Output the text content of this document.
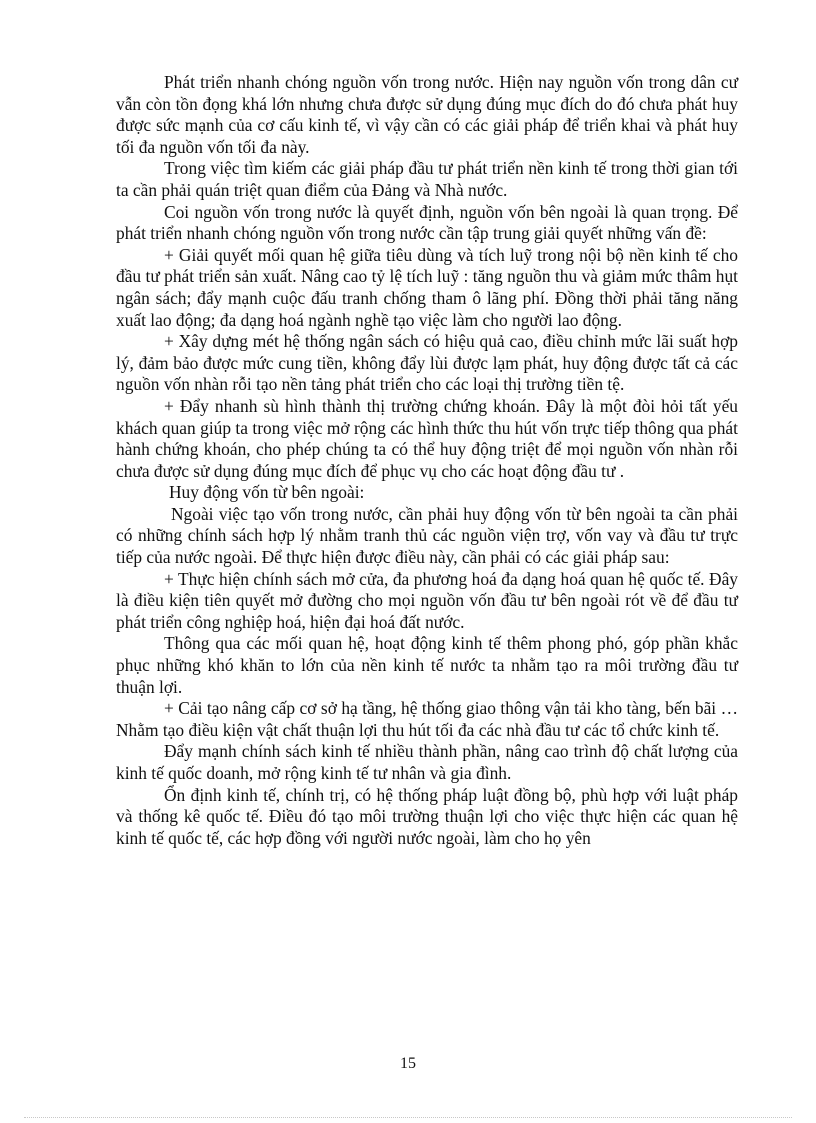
Phát triển nhanh chóng nguồn vốn trong nước. Hiện nay nguồn vốn trong dân cư vẫn còn tồn đọng khá lớn nhưng chưa được sử dụng đúng mục đích do đó chưa phát huy được sức mạnh của cơ cấu kinh tế, vì vậy cần có các giải pháp để triển khai và phát huy tối đa nguồn vốn tối đa này.

Trong việc tìm kiếm các giải pháp đầu tư phát triển nền kinh tế trong thời gian tới ta cần phải quán triệt quan điểm của Đảng và Nhà nước.

Coi nguồn vốn trong nước là quyết định, nguồn vốn bên ngoài là quan trọng. Để phát triển nhanh chóng nguồn vốn trong nước cần tập trung giải quyết những vấn đề:

+ Giải quyết mối quan hệ giữa tiêu dùng và tích luỹ trong nội bộ nền kinh tế cho đầu tư phát triển sản xuất. Nâng cao tỷ lệ tích luỹ : tăng nguồn thu và giảm mức thâm hụt ngân sách; đẩy mạnh cuộc đấu tranh chống tham ô lãng phí. Đồng thời phải tăng năng xuất lao động; đa dạng hoá ngành nghề tạo việc làm cho người lao động.

+ Xây dựng mét hệ thống ngân sách có hiệu quả cao, điều chỉnh mức lãi suất hợp lý, đảm bảo được mức cung tiền, không đẩy lùi được lạm phát, huy động được tất cả các nguồn vốn nhàn rỗi tạo nền tảng phát triển cho các loại thị trường tiền tệ.

+ Đẩy nhanh sù hình thành thị trường chứng khoán. Đây là một đòi hỏi tất yếu khách quan giúp ta trong việc mở rộng các hình thức thu hút vốn trực tiếp thông qua phát hành chứng khoán, cho phép chúng ta có thể huy động triệt để mọi nguồn vốn nhàn rỗi chưa được sử dụng đúng mục đích để phục vụ cho các hoạt động đầu tư .

Huy động vốn từ bên ngoài:

Ngoài việc tạo vốn trong nước, cần phải huy động vốn từ bên ngoài ta cần phải có những chính sách hợp lý nhằm tranh thủ các nguồn viện trợ, vốn vay và đầu tư trực tiếp của nước ngoài. Để thực hiện được điều này, cần phải có các giải pháp sau:

+ Thực hiện chính sách mở cửa, đa phương hoá đa dạng hoá quan hệ quốc tế. Đây là điều kiện tiên quyết mở đường cho mọi nguồn vốn đầu tư bên ngoài rót về để đầu tư phát triển công nghiệp hoá, hiện đại hoá đất nước.

Thông qua các mối quan hệ, hoạt động kinh tế thêm phong phó, góp phần khắc phục những khó khăn to lớn của nền kinh tế nước ta nhằm tạo ra môi trường đầu tư thuận lợi.

+ Cải tạo nâng cấp cơ sở hạ tầng, hệ thống giao thông vận tải kho tàng, bến bãi … Nhằm tạo điều kiện vật chất thuận lợi thu hút tối đa các nhà đầu tư các tổ chức kinh tế.

Đẩy mạnh chính sách kinh tế nhiều thành phần, nâng cao trình độ chất lượng của kinh tế quốc doanh, mở rộng kinh tế tư nhân và gia đình.

Ổn định kinh tế, chính trị, có hệ thống pháp luật đồng bộ, phù hợp với luật pháp và thống kê quốc tế. Điều đó tạo môi trường thuận lợi cho việc thực hiện các quan hệ kinh tế quốc tế, các hợp đồng với người nước ngoài, làm cho họ yên

15
